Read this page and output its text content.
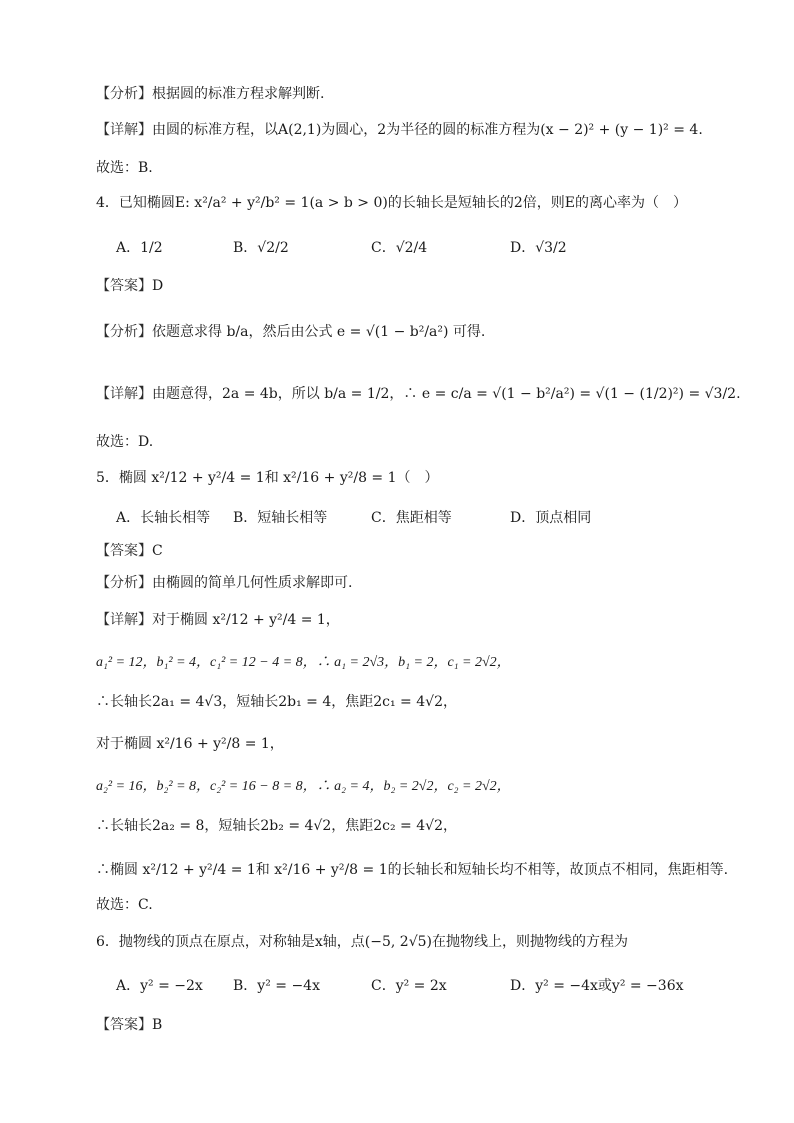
【分析】根据圆的标准方程求解判断.
【详解】由圆的标准方程，以A(2,1)为圆心，2为半径的圆的标准方程为(x − 2)² + (y − 1)² = 4.
故选：B.
4．已知椭圆E: x²/a² + y²/b² = 1(a > b > 0)的长轴长是短轴长的2倍，则E的离心率为（　）
A．1/2	B．√2/2	C．√2/4	D．√3/2
【答案】D
【分析】依题意求得 b/a，然后由公式 e = √(1 − b²/a²) 可得.
【详解】由题意得，2a = 4b，所以 b/a = 1/2，∴ e = c/a = √(1 − b²/a²) = √(1 − (1/2)²) = √3/2.
故选：D.
5．椭圆 x²/12 + y²/4 = 1和 x²/16 + y²/8 = 1（　）
A．长轴长相等 B．短轴长相等	C．焦距相等	D．顶点相同
【答案】C
【分析】由椭圆的简单几何性质求解即可.
【详解】对于椭圆 x²/12 + y²/4 = 1，
a₁² = 12，b₁² = 4，c₁² = 12 − 4 = 8，∴ a₁ = 2√3，b₁ = 2，c₁ = 2√2，
∴长轴长2a₁ = 4√3，短轴长2b₁ = 4，焦距2c₁ = 4√2，
对于椭圆 x²/16 + y²/8 = 1，
a₂² = 16，b₂² = 8，c₂² = 16 − 8 = 8，∴ a₂ = 4，b₂ = 2√2，c₂ = 2√2，
∴长轴长2a₂ = 8，短轴长2b₂ = 4√2，焦距2c₂ = 4√2，
∴椭圆 x²/12 + y²/4 = 1和 x²/16 + y²/8 = 1的长轴长和短轴长均不相等，故顶点不相同，焦距相等.
故选：C.
6．抛物线的顶点在原点，对称轴是x轴，点(−5, 2√5)在抛物线上，则抛物线的方程为
A．y² = −2x B．y² = −4x	C．y² = 2x	D．y² = −4x或y² = −36x
【答案】B
